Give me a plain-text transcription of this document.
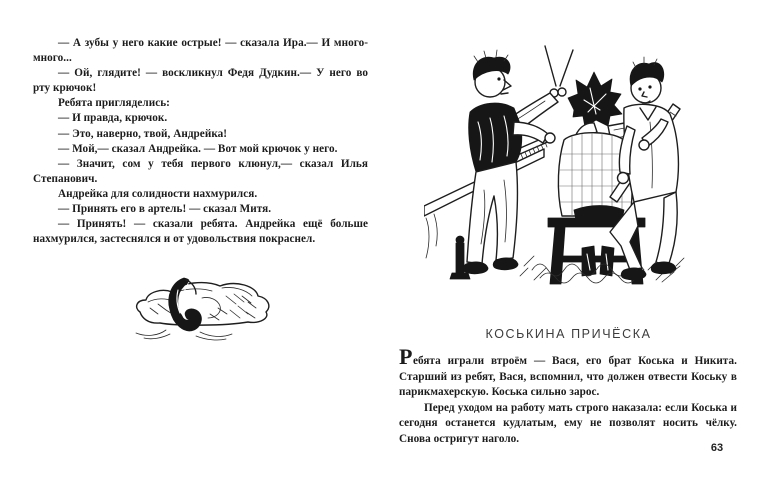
— А зубы у него какие острые! — сказала Ира.— И много-много...

— Ой, глядите! — воскликнул Федя Дудкин.— У него во рту крючок!

Ребята пригляделись:

— И правда, крючок.

— Это, наверно, твой, Андрейка!

— Мой,— сказал Андрейка. — Вот мой крючок у него.

— Значит, сом у тебя первого клюнул,— сказал Илья Степанович.

Андрейка для солидности нахмурился.

— Принять его в артель! — сказал Митя.

— Принять! — сказали ребята. Андрейка ещё больше нахмурился, застеснялся и от удовольствия покраснел.

КОСЬКИНА ПРИЧЁСКА

Ребята играли втроём — Вася, его брат Коська и Никита. Старший из ребят, Вася, вспомнил, что должен отвести Коську в парикмахерскую. Коська сильно зарос.

Перед уходом на работу мать строго наказала: если Коська и сегодня останется кудлатым, ему не позволят носить чёлку. Снова остригут наголо.

63
